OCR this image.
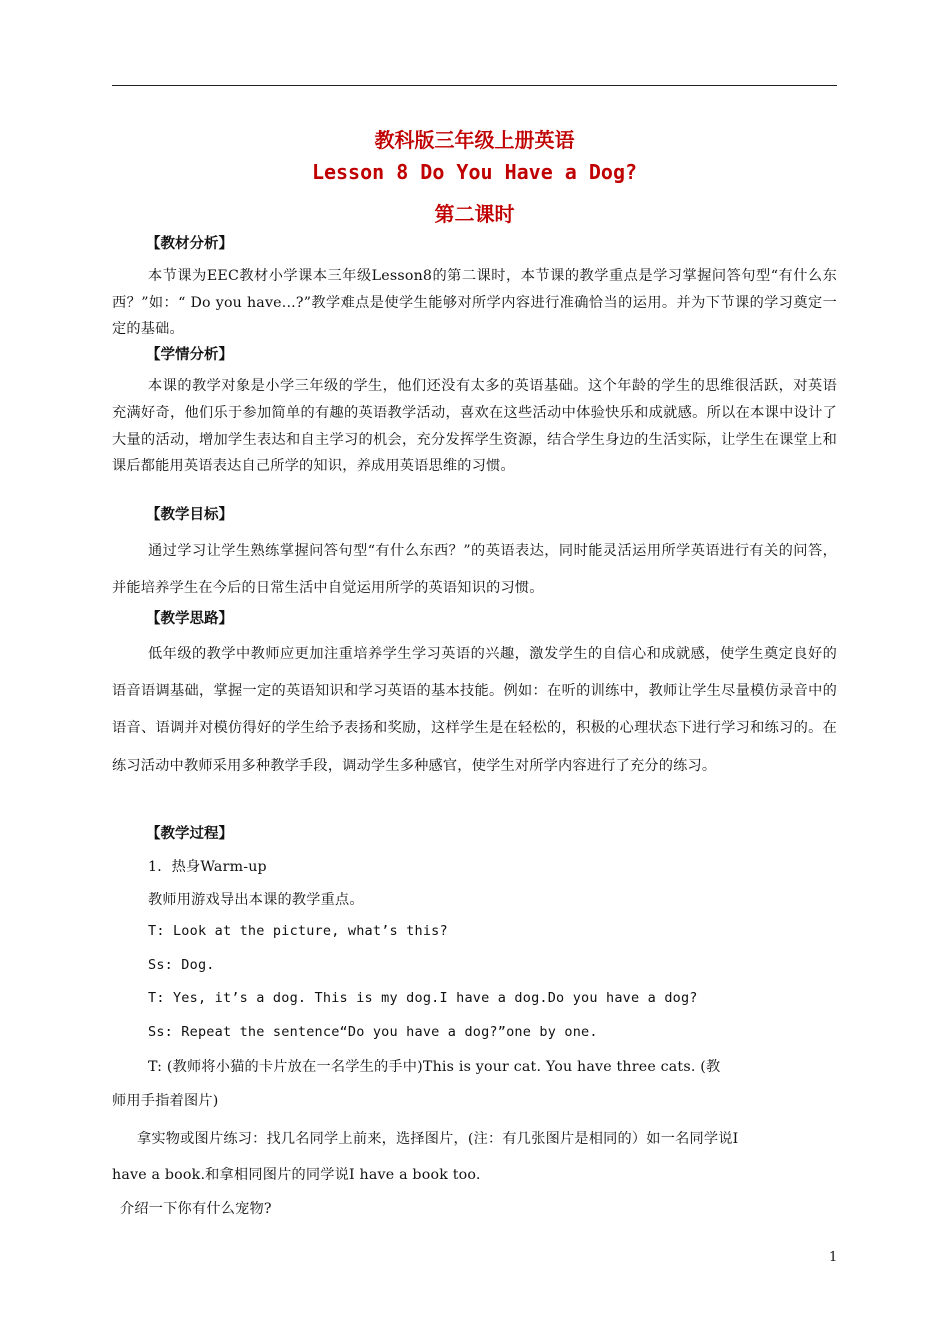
教科版三年级上册英语
Lesson 8 Do You Have a Dog?
第二课时
【教材分析】
本节课为EEC教材小学课本三年级Lesson8的第二课时，本节课的教学重点是学习掌握问答句型“有什么东西？”如：“ Do you have...?”教学难点是使学生能够对所学内容进行准确恰当的运用。并为下节课的学习奠定一定的基础。
【学情分析】
本课的教学对象是小学三年级的学生，他们还没有太多的英语基础。这个年龄的学生的思维很活跃，对英语充满好奇，他们乐于参加简单的有趣的英语教学活动，喜欢在这些活动中体验快乐和成就感。所以在本课中设计了大量的活动，增加学生表达和自主学习的机会，充分发挥学生资源，结合学生身边的生活实际，让学生在课堂上和课后都能用英语表达自己所学的知识，养成用英语思维的习惯。
【教学目标】
通过学习让学生熟练掌握问答句型“有什么东西？”的英语表达，同时能灵活运用所学英语进行有关的问答，并能培养学生在今后的日常生活中自觉运用所学的英语知识的习惯。
【教学思路】
低年级的教学中教师应更加注重培养学生学习英语的兴趣，激发学生的自信心和成就感，使学生奠定良好的语音语调基础，掌握一定的英语知识和学习英语的基本技能。例如：在听的训练中，教师让学生尽量模仿录音中的语音、语调并对模仿得好的学生给予表扬和奖励，这样学生是在轻松的，积极的心理状态下进行学习和练习的。在练习活动中教师采用多种教学手段，调动学生多种感官，使学生对所学内容进行了充分的练习。
【教学过程】
1．热身Warm-up
教师用游戏导出本课的教学重点。
T: Look at the picture, what’s this?
Ss: Dog.
T: Yes, it’s a dog. This is my dog.I have a dog.Do you have a dog?
Ss: Repeat the sentence“Do you have a dog?”one by one.
T: (教师将小猫的卡片放在一名学生的手中)This is your cat. You have three cats. (教
师用手指着图片)
拿实物或图片练习：找几名同学上前来，选择图片，(注：有几张图片是相同的）如一名同学说I
have a book.和拿相同图片的同学说I have a book too.
介绍一下你有什么宠物?
1
